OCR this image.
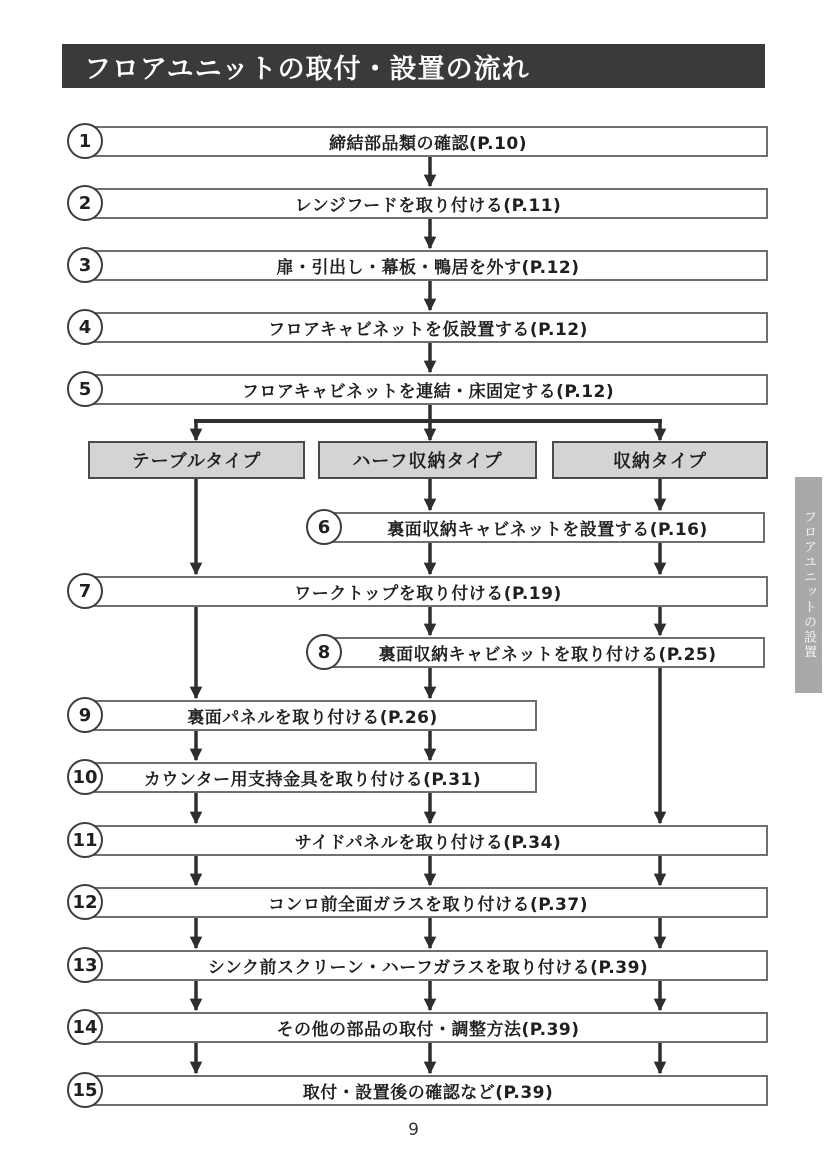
フロアユニットの取付・設置の流れ
締結部品類の確認(P.10)
レンジフードを取り付ける(P.11)
扉・引出し・幕板・鴨居を外す(P.12)
フロアキャビネットを仮設置する(P.12)
フロアキャビネットを連結・床固定する(P.12)
裏面収納キャビネットを設置する(P.16)
ワークトップを取り付ける(P.19)
裏面収納キャビネットを取り付ける(P.25)
裏面パネルを取り付ける(P.26)
カウンター用支持金具を取り付ける(P.31)
サイドパネルを取り付ける(P.34)
コンロ前全面ガラスを取り付ける(P.37)
シンク前スクリーン・ハーフガラスを取り付ける(P.39)
その他の部品の取付・調整方法(P.39)
取付・設置後の確認など(P.39)
1
2
3
4
5
6
7
8
9
10
11
12
13
14
15
テーブルタイプ	ハーフ収納タイプ	収納タイプ
フロアユニットの設置
9
